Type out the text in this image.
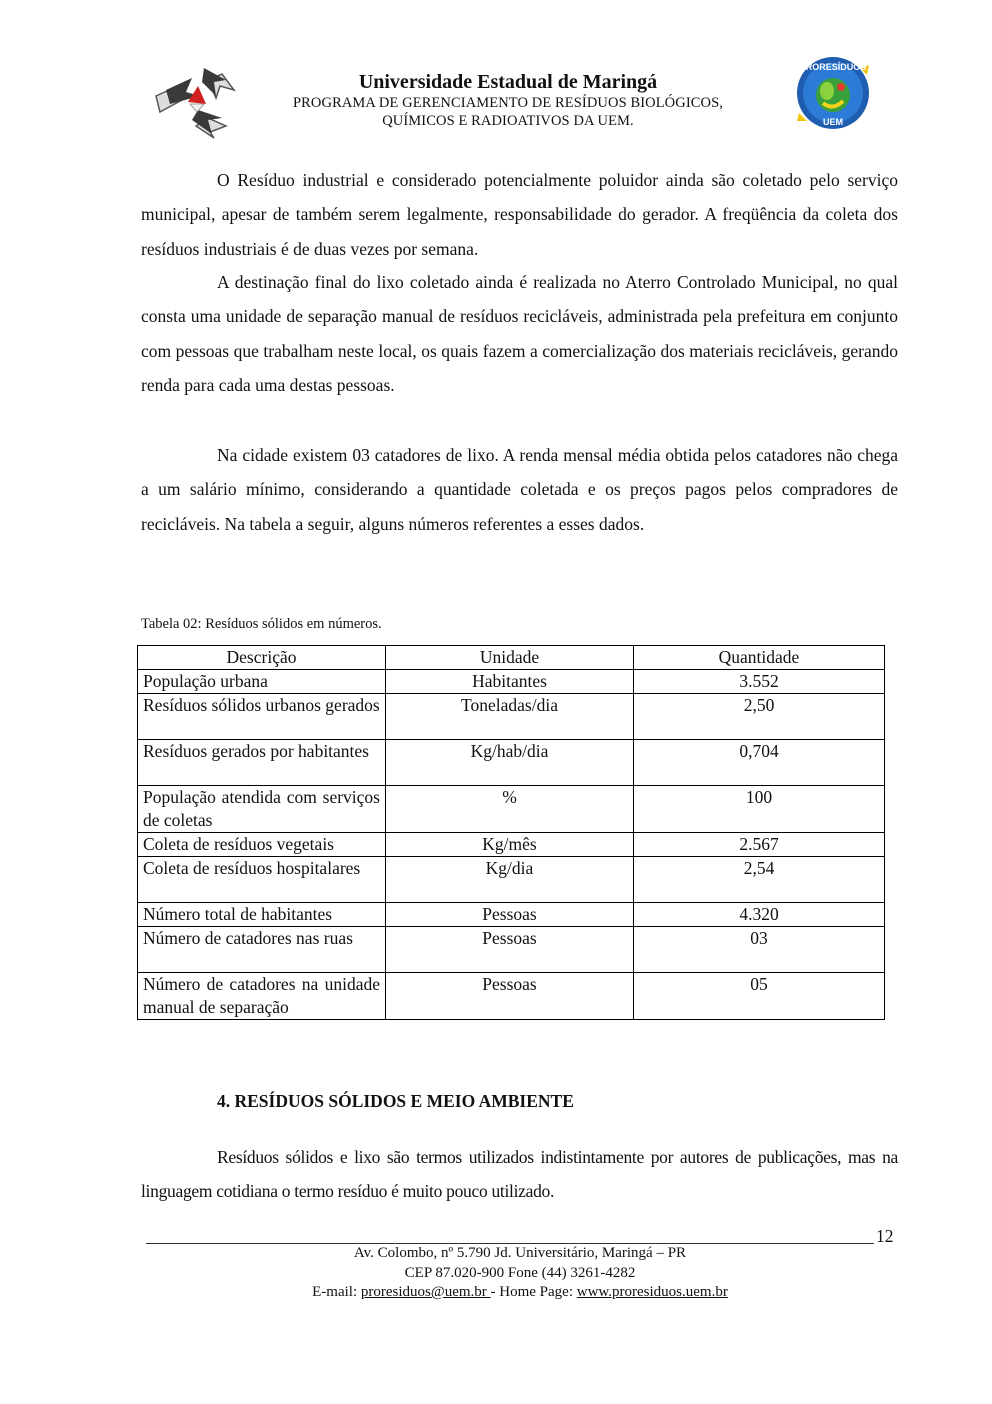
PRORESÍDUOS
UEM
Universidade Estadual de Maringá
PROGRAMA DE GERENCIAMENTO DE RESÍDUOS BIOLÓGICOS,
QUÍMICOS E RADIOATIVOS DA UEM.
O Resíduo industrial e considerado potencialmente poluidor ainda são coletado pelo serviço municipal, apesar de também serem legalmente, responsabilidade do gerador. A freqüência da coleta dos resíduos industriais é de duas vezes por semana.
A destinação final do lixo coletado ainda é realizada no Aterro Controlado Municipal, no qual consta uma unidade de separação manual de resíduos recicláveis, administrada pela prefeitura em conjunto com pessoas que trabalham neste local, os quais fazem a comercialização dos materiais recicláveis, gerando renda para cada uma destas pessoas.
Na cidade existem 03 catadores de lixo. A renda mensal média obtida pelos catadores não chega a um salário mínimo, considerando a quantidade coletada e os preços pagos pelos compradores de recicláveis. Na tabela a seguir, alguns números referentes a esses dados.
Tabela 02: Resíduos sólidos em números.
Descrição	Unidade	Quantidade
População urbana	Habitantes	3.552
Resíduos sólidos urbanos gerados	Toneladas/dia	2,50
Resíduos gerados por habitantes	Kg/hab/dia	0,704
População atendida com serviços de coletas	%	100
Coleta de resíduos vegetais	Kg/mês	2.567
Coleta de resíduos hospitalares	Kg/dia	2,54
Número total de habitantes	Pessoas	4.320
Número de catadores nas ruas	Pessoas	03
Número de catadores na unidade manual de separação	Pessoas	05
4. RESÍDUOS SÓLIDOS E MEIO AMBIENTE
Resíduos sólidos e lixo são termos utilizados indistintamente por autores de publicações, mas na linguagem cotidiana o termo resíduo é muito pouco utilizado.
12
Av. Colombo, nº 5.790 Jd. Universitário, Maringá – PR
CEP 87.020-900 Fone (44) 3261-4282
E-mail: proresiduos@uem.br - Home Page: www.proresiduos.uem.br
